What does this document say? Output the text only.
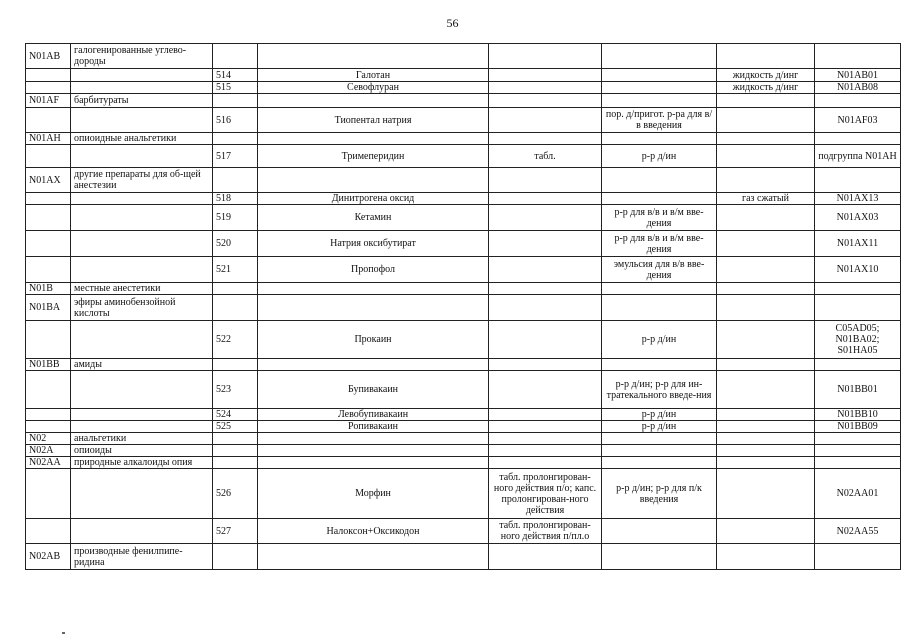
56
N01AB	галогенированные углево-дороды						
		514	Галотан			жидкость д/инг	N01AB01
		515	Севофлуран			жидкость д/инг	N01AB08
N01AF	барбитураты						
		516	Тиопентал натрия		пор. д/пригот. р-ра для в/в введения		N01AF03
N01AH	опиоидные анальгетики						
		517	Тримеперидин	табл.	р-р д/ин		подгруппа N01AH
N01AX	другие препараты для об-щей анестезии						
		518	Динитрогена оксид			газ сжатый	N01AX13
		519	Кетамин		р-р для в/в и в/м вве-дения		N01AX03
		520	Натрия оксибутират		р-р для в/в и в/м вве-дения		N01AX11
		521	Пропофол		эмульсия для в/в вве-дения		N01AX10
N01B	местные анестетики						
N01BA	эфиры аминобензойной кислоты						
		522	Прокаин		р-р д/ин		C05AD05; N01BA02; S01HA05
N01BB	амиды						
		523	Бупивакаин		р-р д/ин; р-р для ин-тратекального введе-ния		N01BB01
		524	Левобупивакаин		р-р д/ин		N01BB10
		525	Ропивакаин		р-р д/ин		N01BB09
N02	анальгетики						
N02A	опиоиды						
N02AA	природные алкалоиды опия						
		526	Морфин	табл. пролонгирован-ного действия п/о; капс. пролонгирован-ного действия	р-р д/ин; р-р для п/к введения		N02AA01
		527	Налоксон+Оксикодон	табл. пролонгирован-ного действия п/пл.о			N02AA55
N02AB	производные фенилпипе-ридина						
